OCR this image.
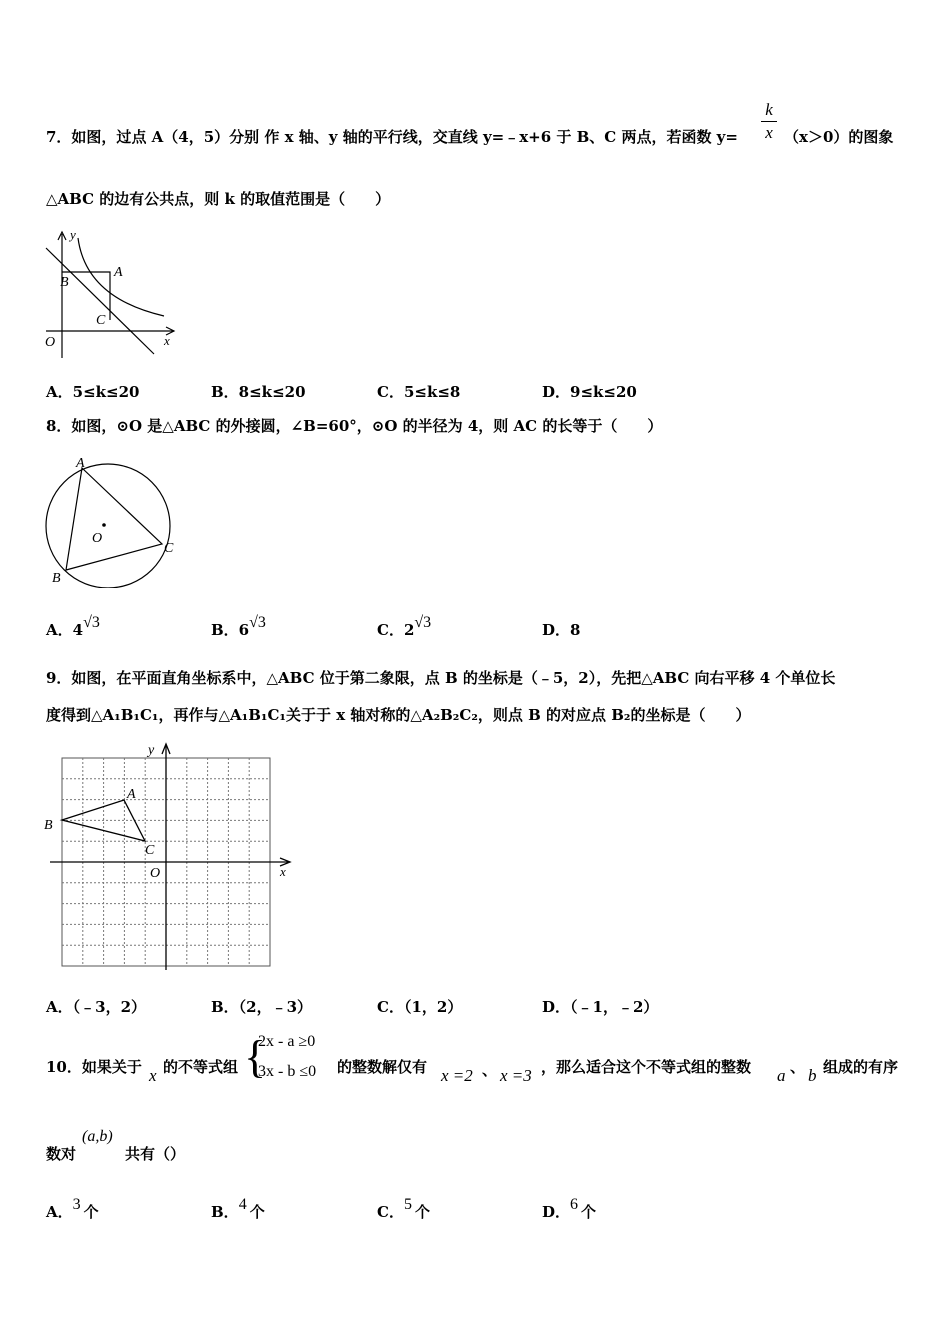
7．如图，过点 A（4，5）分别 作 x 轴、y 轴的平行线，交直线 y=﹣x+6 于 B、C 两点，若函数 y=
k
x （x＞0）的图象
△ABC 的边有公共点，则 k 的取值范围是（　　）
y
B
A
C
O	x
A．5≤k≤20	B．8≤k≤20	C．5≤k≤8	D．9≤k≤20
8．如图，⊙O 是△ABC 的外接圆，∠B=60°，⊙O 的半径为 4，则 AC 的长等于（　　）
A
O
C
B
A．4√3	B．6√3	C．2√3	D．8
9．如图，在平面直角坐标系中，△ABC 位于第二象限，点 B 的坐标是（﹣5，2），先把△ABC 向右平移 4 个单位长
度得到△A₁B₁C₁，再作与△A₁B₁C₁关于于 x 轴对称的△A₂B₂C₂，则点 B 的对应点 B₂的坐标是（　　）
y
A
B
C
O	x
A．（﹣3，2）	B．（2，﹣3）	C．（1，2）	D．（﹣1，﹣2）
10．如果关于 x 的不等式组 {
2x - a ≥0
3x - b ≤0 的整数解仅有 x =2 、 x =3 ，那么适合这个不等式组的整数 a 、 b 组成的有序
数对
(a,b)
共有（）
A．3 个	B．4 个	C．5 个	D．6 个
